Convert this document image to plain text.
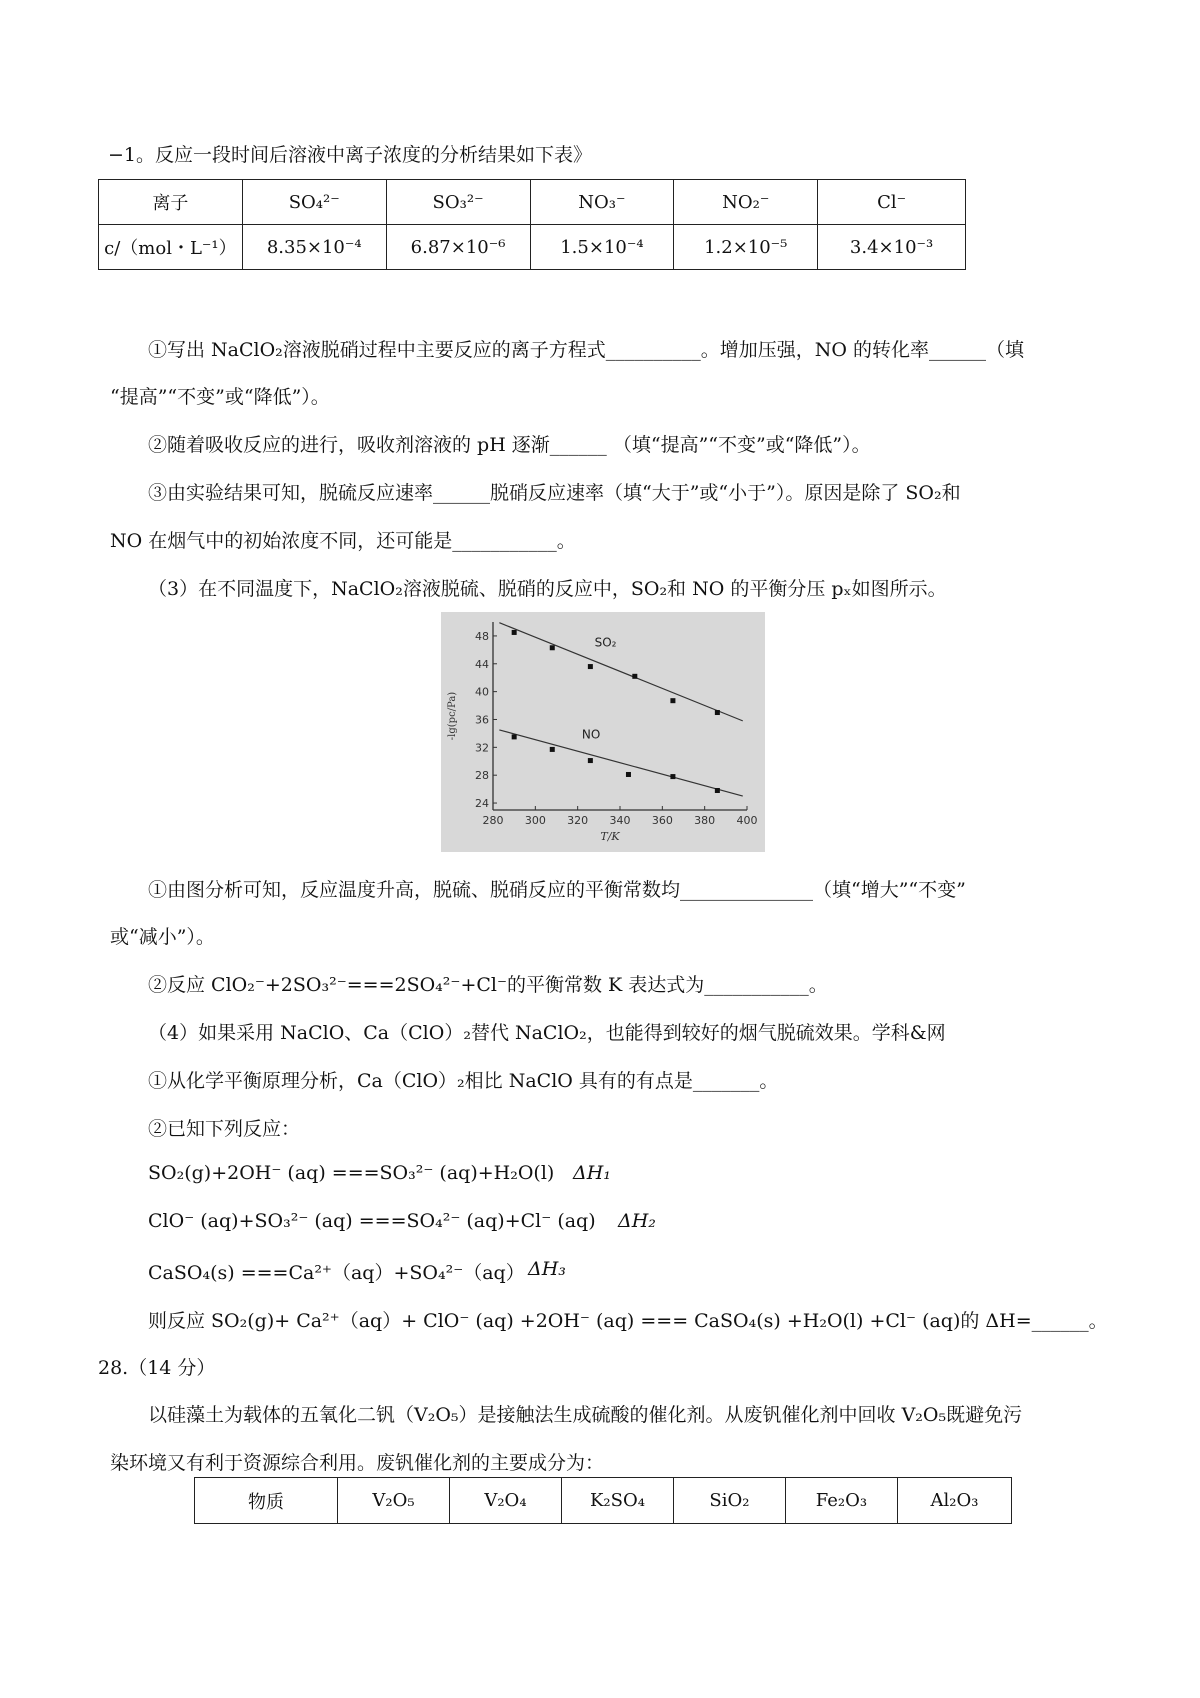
−1。反应一段时间后溶液中离子浓度的分析结果如下表》
离子	SO₄²⁻	SO₃²⁻	NO₃⁻	NO₂⁻	Cl⁻
c/（mol・L⁻¹）	8.35×10⁻⁴	6.87×10⁻⁶	1.5×10⁻⁴	1.2×10⁻⁵	3.4×10⁻³
①写出 NaClO₂溶液脱硝过程中主要反应的离子方程式__________。增加压强，NO 的转化率______（填
“提高”“不变”或“降低”）。
②随着吸收反应的进行，吸收剂溶液的 pH 逐渐______ （填“提高”“不变”或“降低”）。
③由实验结果可知，脱硫反应速率______脱硝反应速率（填“大于”或“小于”）。原因是除了 SO₂和
NO 在烟气中的初始浓度不同，还可能是___________。
（3）在不同温度下，NaClO₂溶液脱硫、脱硝的反应中，SO₂和 NO 的平衡分压 pₓ如图所示。
280 300 320 340 360 380 400
24
28
32
36
40
44
48
T/K
-lg(pc/Pa)
SO₂
NO
①由图分析可知，反应温度升高，脱硫、脱硝反应的平衡常数均______________（填“增大”“不变”
或“减小”）。
②反应 ClO₂⁻+2SO₃²⁻===2SO₄²⁻+Cl⁻的平衡常数 K 表达式为___________。
（4）如果采用 NaClO、Ca（ClO）₂替代 NaClO₂，也能得到较好的烟气脱硫效果。学科&网
①从化学平衡原理分析，Ca（ClO）₂相比 NaClO 具有的有点是_______。
②已知下列反应：
SO₂(g)+2OH⁻ (aq) ===SO₃²⁻ (aq)+H₂O(l) ΔH₁
ClO⁻ (aq)+SO₃²⁻ (aq) ===SO₄²⁻ (aq)+Cl⁻ (aq) ΔH₂
CaSO₄(s) ===Ca²⁺（aq）+SO₄²⁻（aq） ΔH₃
则反应 SO₂(g)+ Ca²⁺（aq）+ ClO⁻ (aq) +2OH⁻ (aq) === CaSO₄(s) +H₂O(l) +Cl⁻ (aq)的 ΔH=______。
28.（14 分）
以硅藻土为载体的五氧化二钒（V₂O₅）是接触法生成硫酸的催化剂。从废钒催化剂中回收 V₂O₅既避免污
染环境又有利于资源综合利用。废钒催化剂的主要成分为：
物质	V₂O₅	V₂O₄	K₂SO₄	SiO₂	Fe₂O₃	Al₂O₃
